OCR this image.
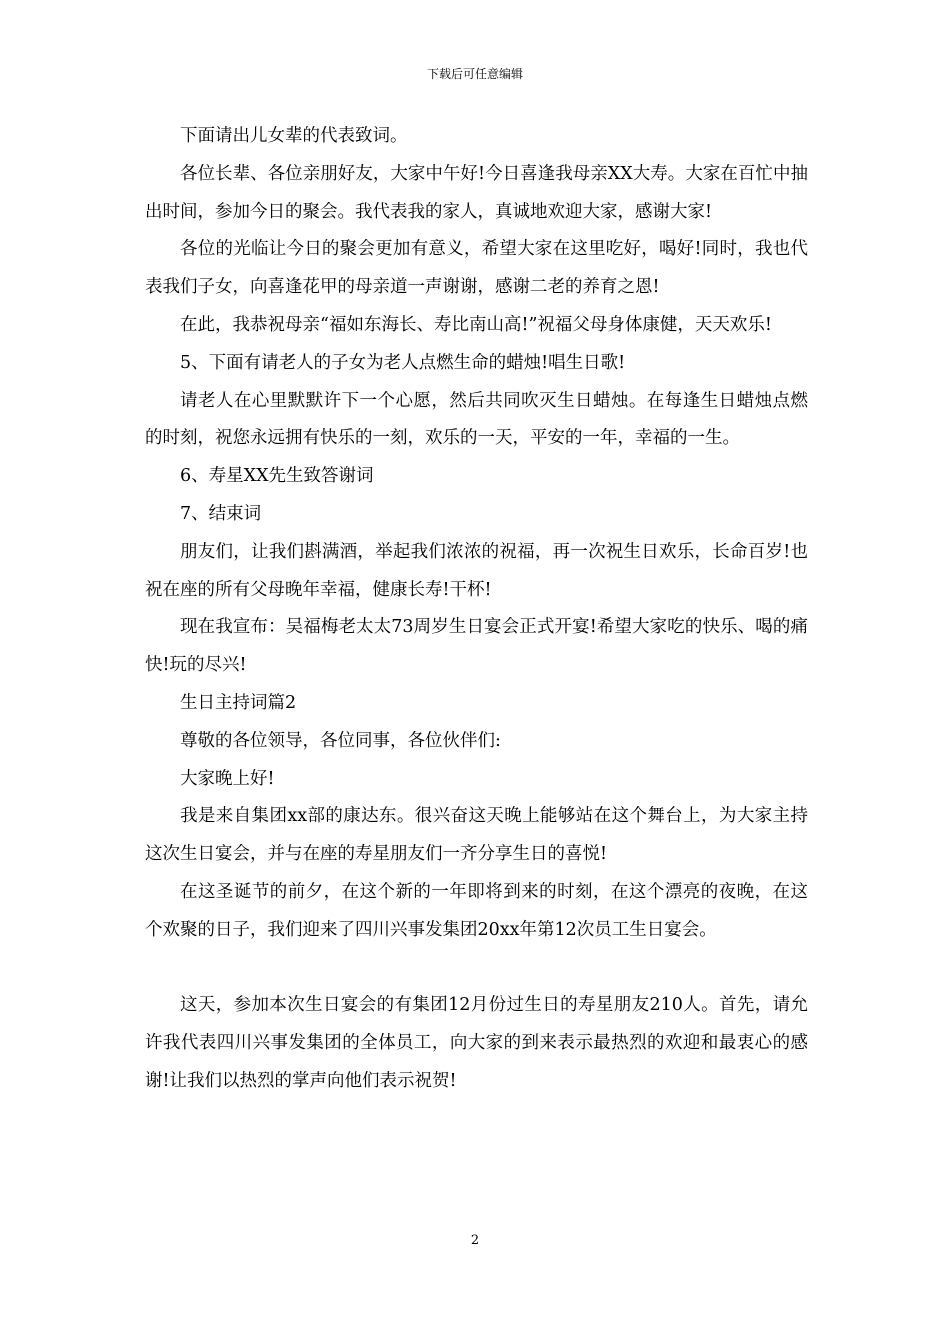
下载后可任意编辑

下面请出儿女辈的代表致词。

各位长辈、各位亲朋好友，大家中午好!今日喜逢我母亲XX大寿。大家在百忙中抽出时间，参加今日的聚会。我代表我的家人，真诚地欢迎大家，感谢大家!

各位的光临让今日的聚会更加有意义，希望大家在这里吃好，喝好!同时，我也代表我们子女，向喜逢花甲的母亲道一声谢谢，感谢二老的养育之恩!

在此，我恭祝母亲“福如东海长、寿比南山高!”祝福父母身体康健，天天欢乐!

5、下面有请老人的子女为老人点燃生命的蜡烛!唱生日歌!

请老人在心里默默许下一个心愿，然后共同吹灭生日蜡烛。在每逢生日蜡烛点燃的时刻，祝您永远拥有快乐的一刻，欢乐的一天，平安的一年，幸福的一生。

6、寿星XX先生致答谢词

7、结束词

朋友们，让我们斟满酒，举起我们浓浓的祝福，再一次祝生日欢乐，长命百岁!也祝在座的所有父母晚年幸福，健康长寿!干杯!

现在我宣布：吴福梅老太太73周岁生日宴会正式开宴!希望大家吃的快乐、喝的痛快!玩的尽兴!

生日主持词篇2

尊敬的各位领导，各位同事，各位伙伴们:

大家晚上好!

我是来自集团xx部的康达东。很兴奋这天晚上能够站在这个舞台上，为大家主持这次生日宴会，并与在座的寿星朋友们一齐分享生日的喜悦!

在这圣诞节的前夕，在这个新的一年即将到来的时刻，在这个漂亮的夜晚，在这个欢聚的日子，我们迎来了四川兴事发集团20xx年第12次员工生日宴会。

这天，参加本次生日宴会的有集团12月份过生日的寿星朋友210人。首先，请允许我代表四川兴事发集团的全体员工，向大家的到来表示最热烈的欢迎和最衷心的感谢!让我们以热烈的掌声向他们表示祝贺!

2
